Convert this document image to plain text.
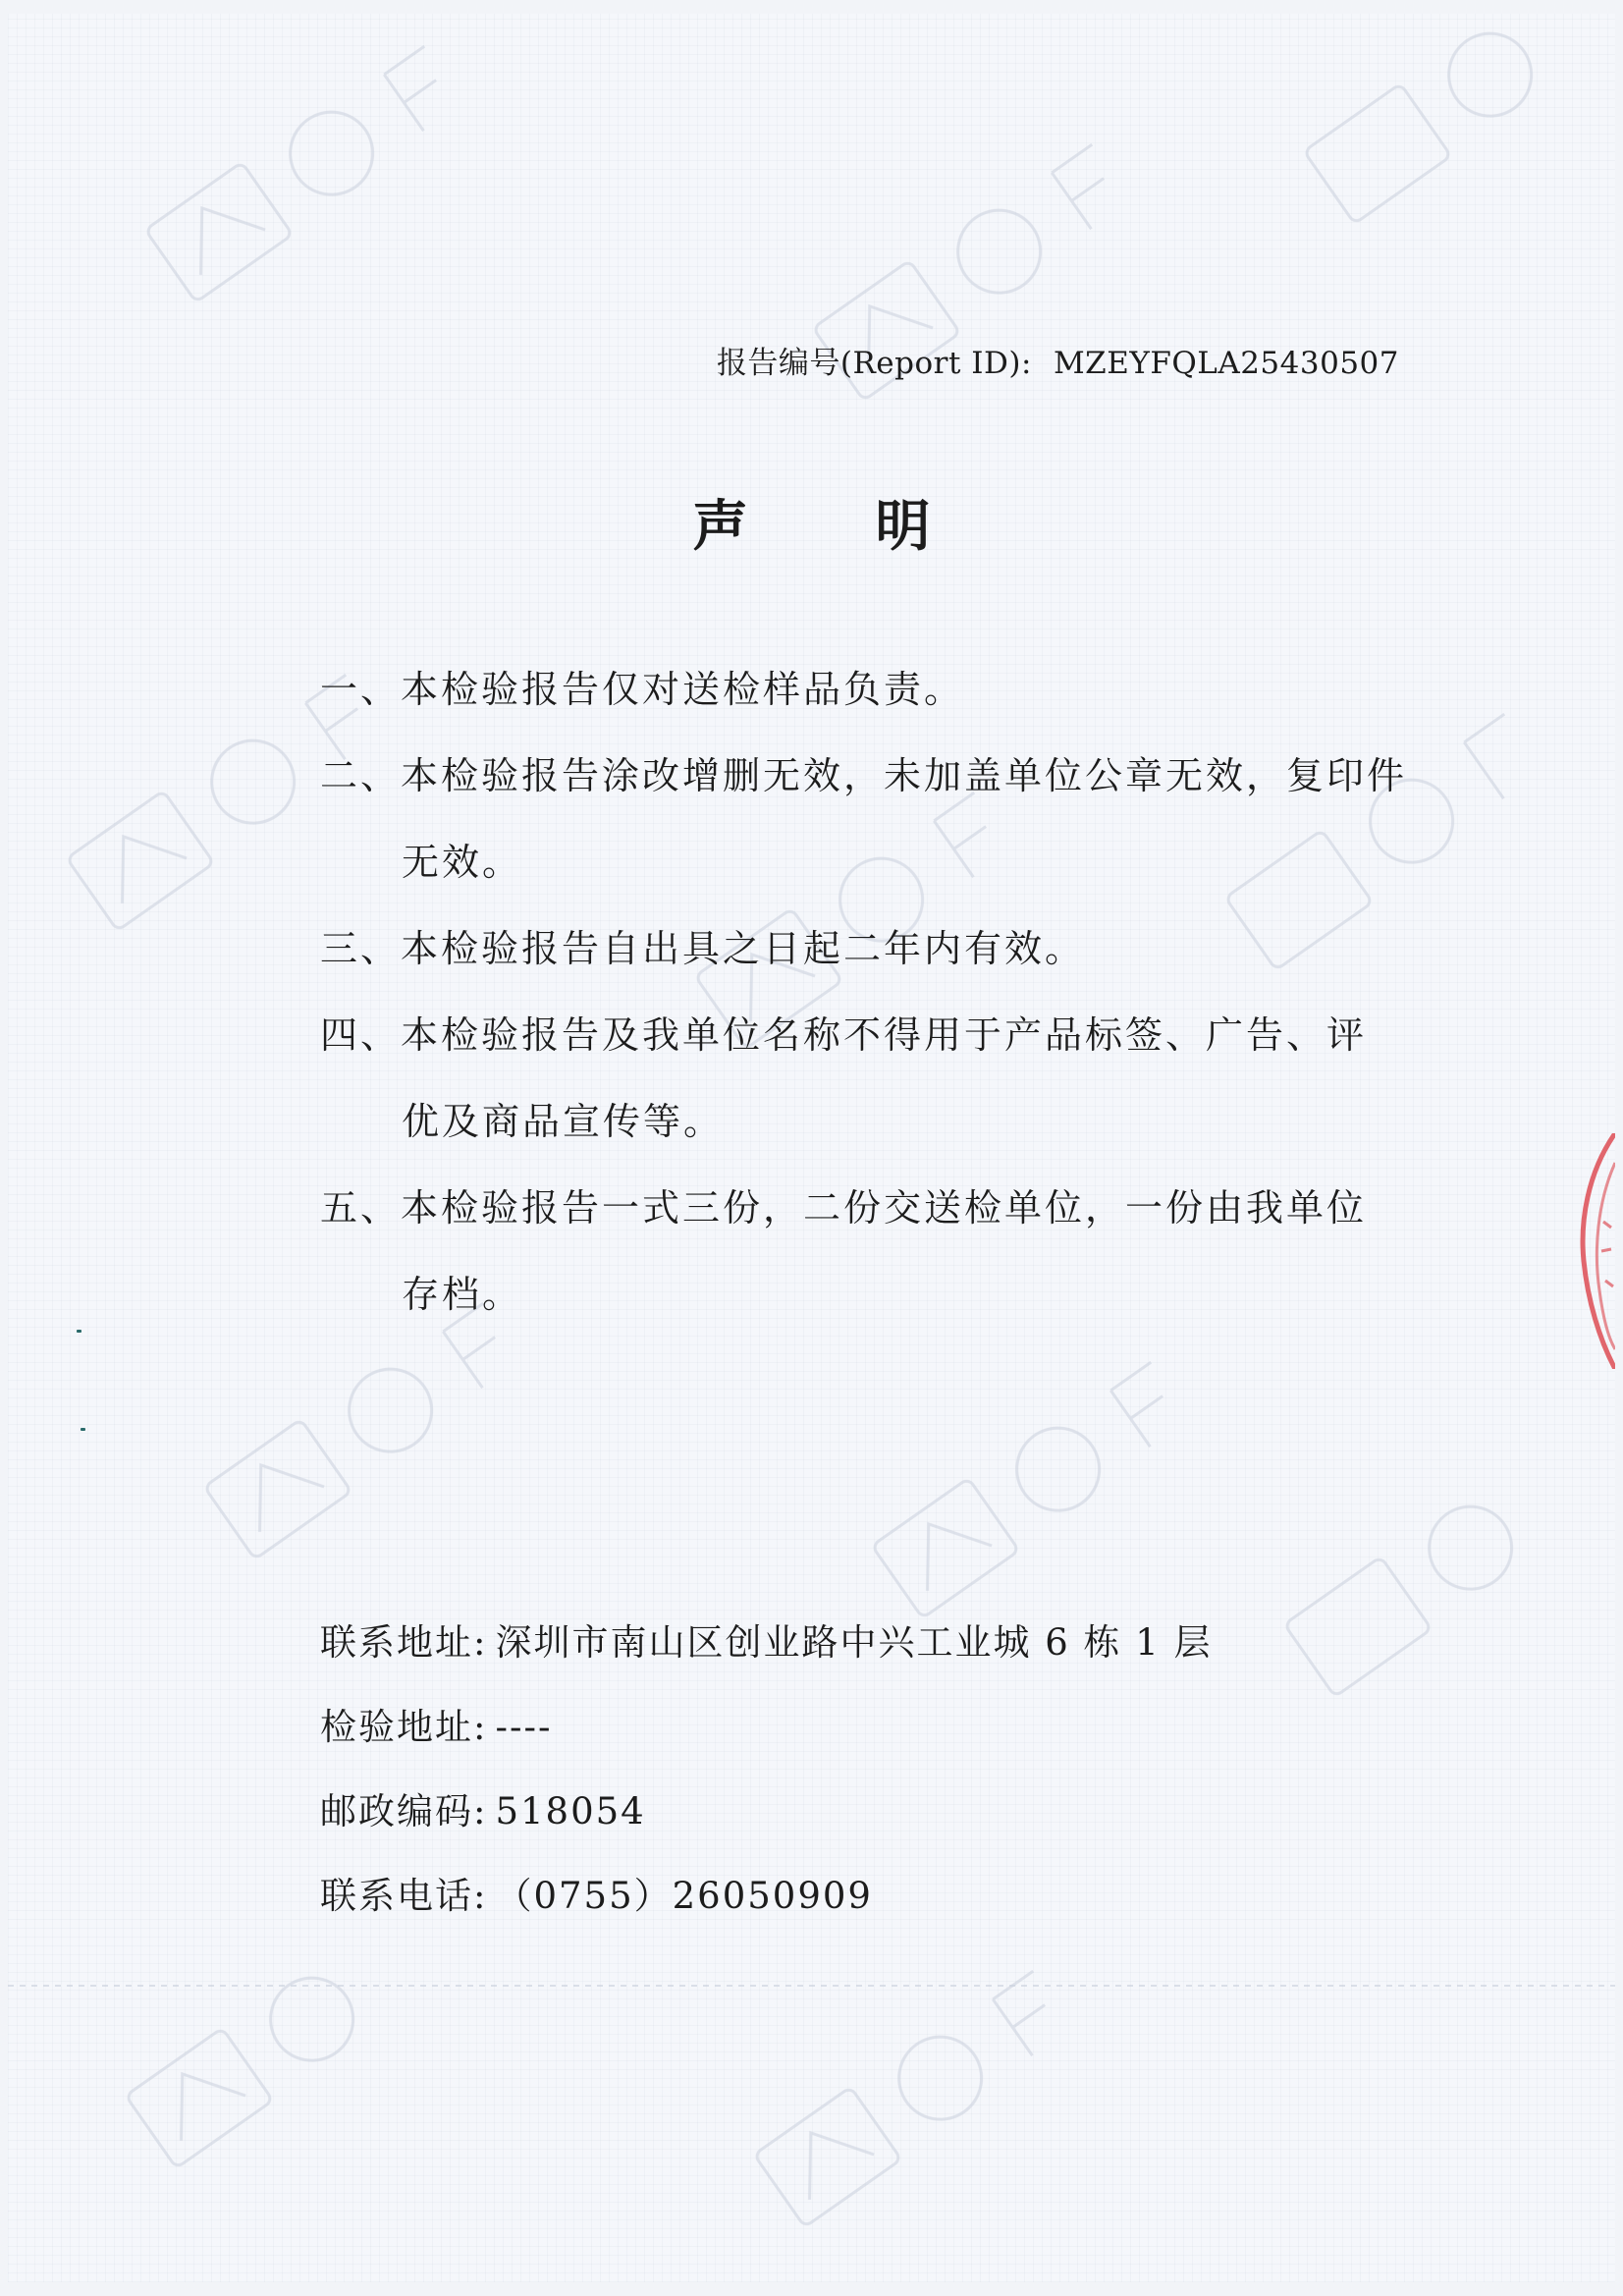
报告编号(Report ID): MZEYFQLA25430507
声明
一、本检验报告仅对送检样品负责。
二、本检验报告涂改增删无效，未加盖单位公章无效，复印件
无效。
三、本检验报告自出具之日起二年内有效。
四、本检验报告及我单位名称不得用于产品标签、广告、评
优及商品宣传等。
五、本检验报告一式三份，二份交送检单位，一份由我单位
存档。
联系地址: 深圳市南山区创业路中兴工业城 6 栋 1 层
检验地址: ----
邮政编码: 518054
联系电话: （0755）26050909
